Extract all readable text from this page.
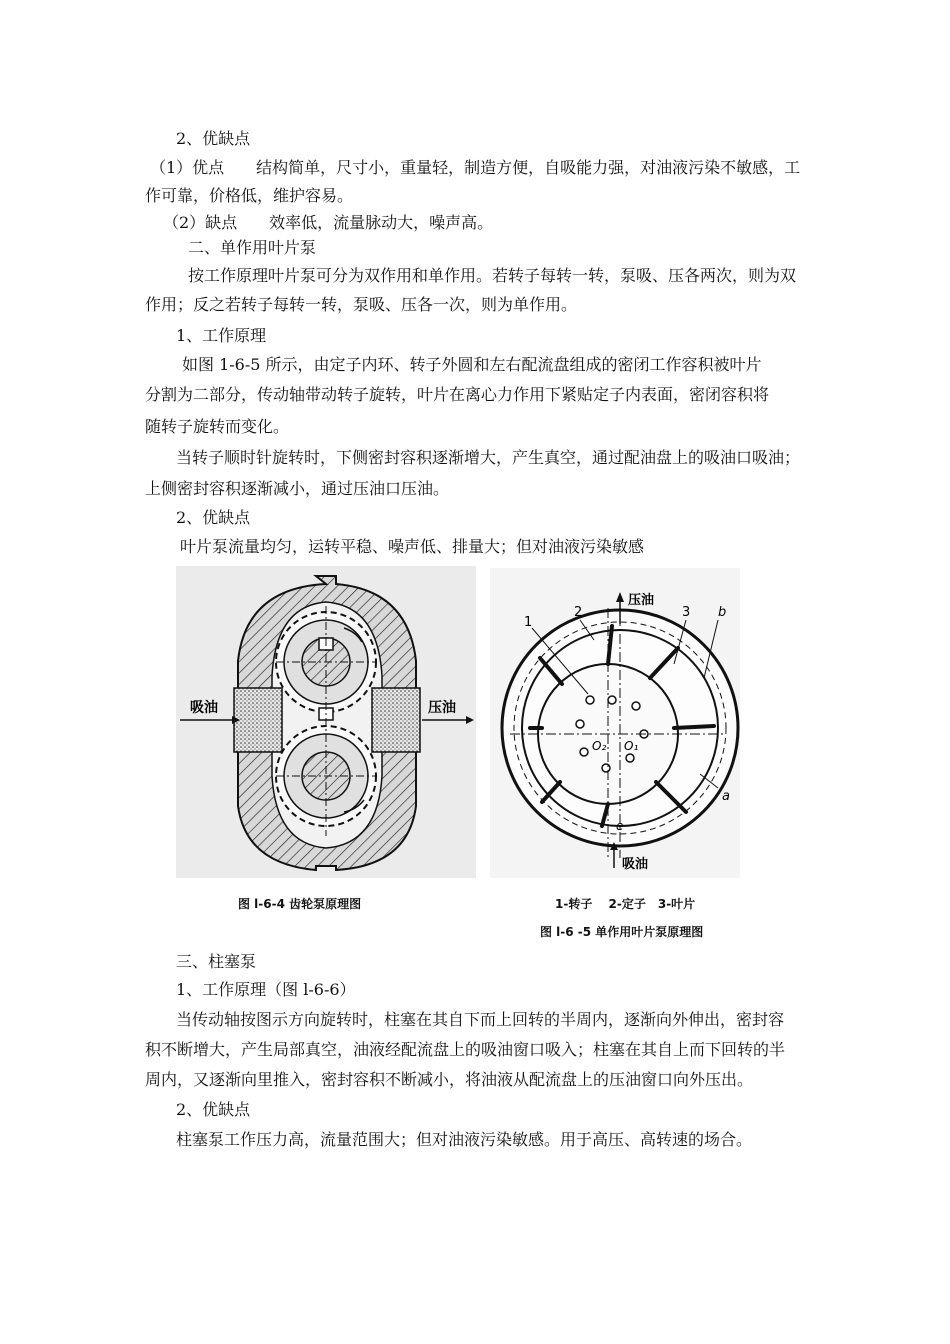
2、优缺点
（1）优点　　结构简单，尺寸小，重量轻，制造方便，自吸能力强，对油液污染不敏感，工
作可靠，价格低，维护容易。
（2）缺点　　效率低，流量脉动大，噪声高。
二、单作用叶片泵
按工作原理叶片泵可分为双作用和单作用。若转子每转一转，泵吸、压各两次，则为双
作用；反之若转子每转一转，泵吸、压各一次，则为单作用。
1、工作原理
如图 1-6-5 所示，由定子内环、转子外圆和左右配流盘组成的密闭工作容积被叶片
分割为二部分，传动轴带动转子旋转，叶片在离心力作用下紧贴定子内表面，密闭容积将
随转子旋转而变化。
当转子顺时针旋转时，下侧密封容积逐渐增大，产生真空，通过配油盘上的吸油口吸油；
上侧密封容积逐渐减小，通过压油口压油。
2、优缺点
叶片泵流量均匀，运转平稳、噪声低、排量大；但对油液污染敏感
吸油	压油
压油
吸油
1
2	3 b
a
e
O₁
O₂
图 l-6-4 齿轮泵原理图	1-转子　 2-定子　3-叶片
图 l-6 -5 单作用叶片泵原理图
三、柱塞泵
1、工作原理（图 l-6-6）
当传动轴按图示方向旋转时，柱塞在其自下而上回转的半周内，逐渐向外伸出，密封容
积不断增大，产生局部真空，油液经配流盘上的吸油窗口吸入；柱塞在其自上而下回转的半
周内，又逐渐向里推入，密封容积不断减小，将油液从配流盘上的压油窗口向外压出。
2、优缺点
柱塞泵工作压力高，流量范围大；但对油液污染敏感。用于高压、高转速的场合。
